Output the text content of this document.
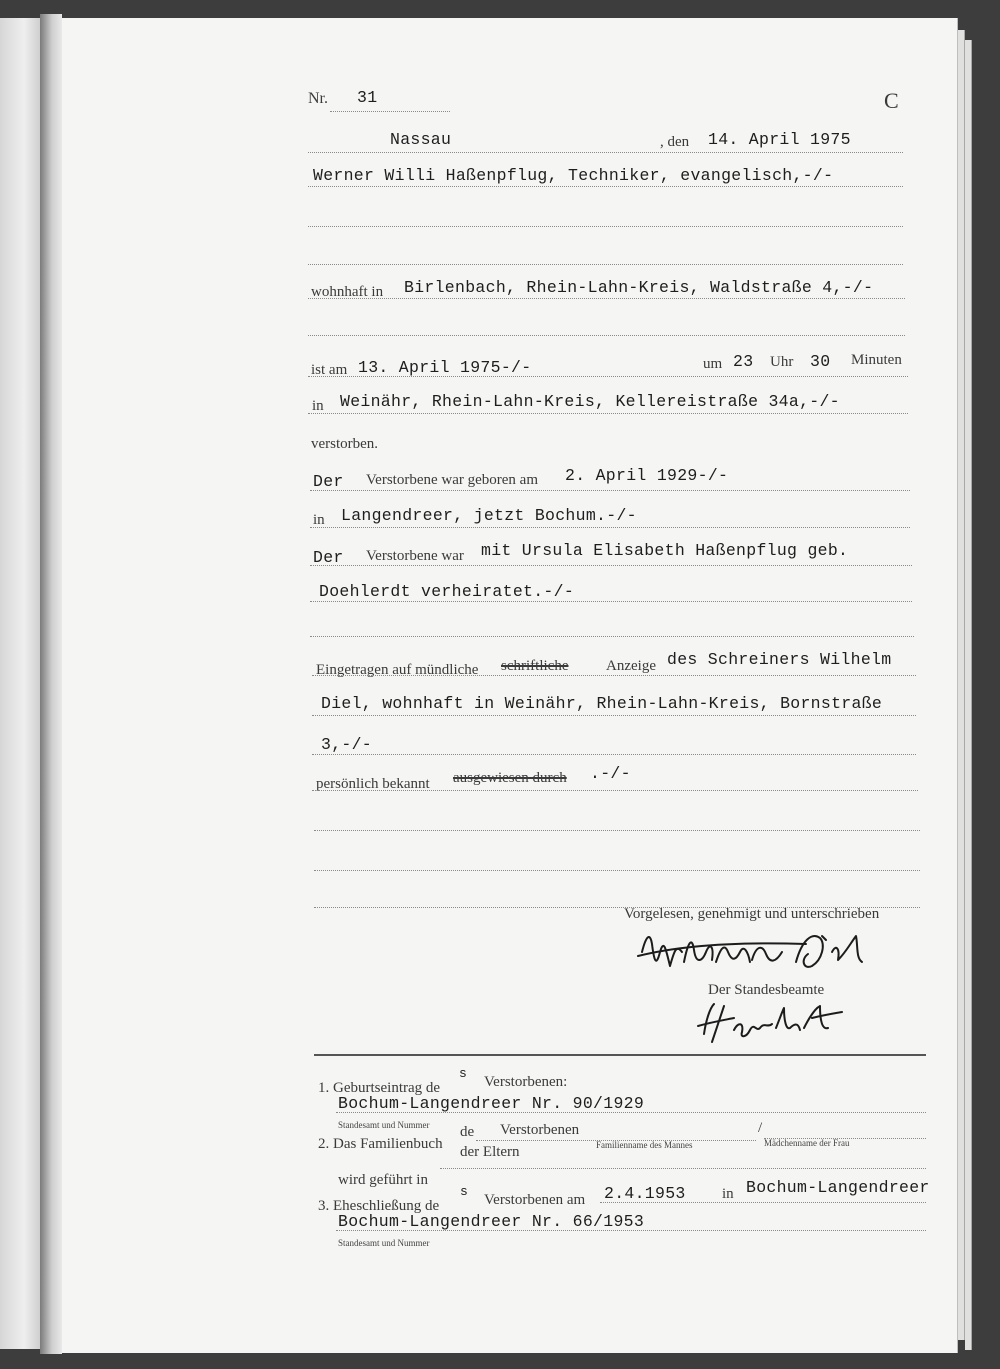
Nr. 31	C
Nassau	, den 14. April 1975
Werner Willi Haßenpflug, Techniker, evangelisch,-/-
wohnhaft in Birlenbach, Rhein-Lahn-Kreis, Waldstraße 4,-/-
ist am 13. April 1975-/-	um 23 Uhr 30 Minuten
in Weinähr, Rhein-Lahn-Kreis, Kellereistraße 34a,-/-
verstorben.
Der Verstorbene war geboren am 2. April 1929-/-
in Langendreer, jetzt Bochum.-/-
Der Verstorbene war mit Ursula Elisabeth Haßenpflug geb.
Doehlerdt verheiratet.-/-
Eingetragen auf mündliche schriftliche	Anzeige des Schreiners Wilhelm
Diel, wohnhaft in Weinähr, Rhein-Lahn-Kreis, Bornstraße
3,-/-
persönlich bekannt ausgewiesen durch .-/-
Vorgelesen, genehmigt und unterschrieben
Der Standesbeamte
1. Geburtseintrag de
s
Verstorbenen:
Bochum-Langendreer Nr. 90/1929
Standesamt und Nummer
2. Das Familienbuch
de Verstorbenen	/
der Eltern	Familienname des Mannes	Mädchenname der Frau
wird geführt in
3. Eheschließung de
s
Verstorbenen am 2.4.1953 in Bochum-Langendreer
Bochum-Langendreer Nr. 66/1953
Standesamt und Nummer
